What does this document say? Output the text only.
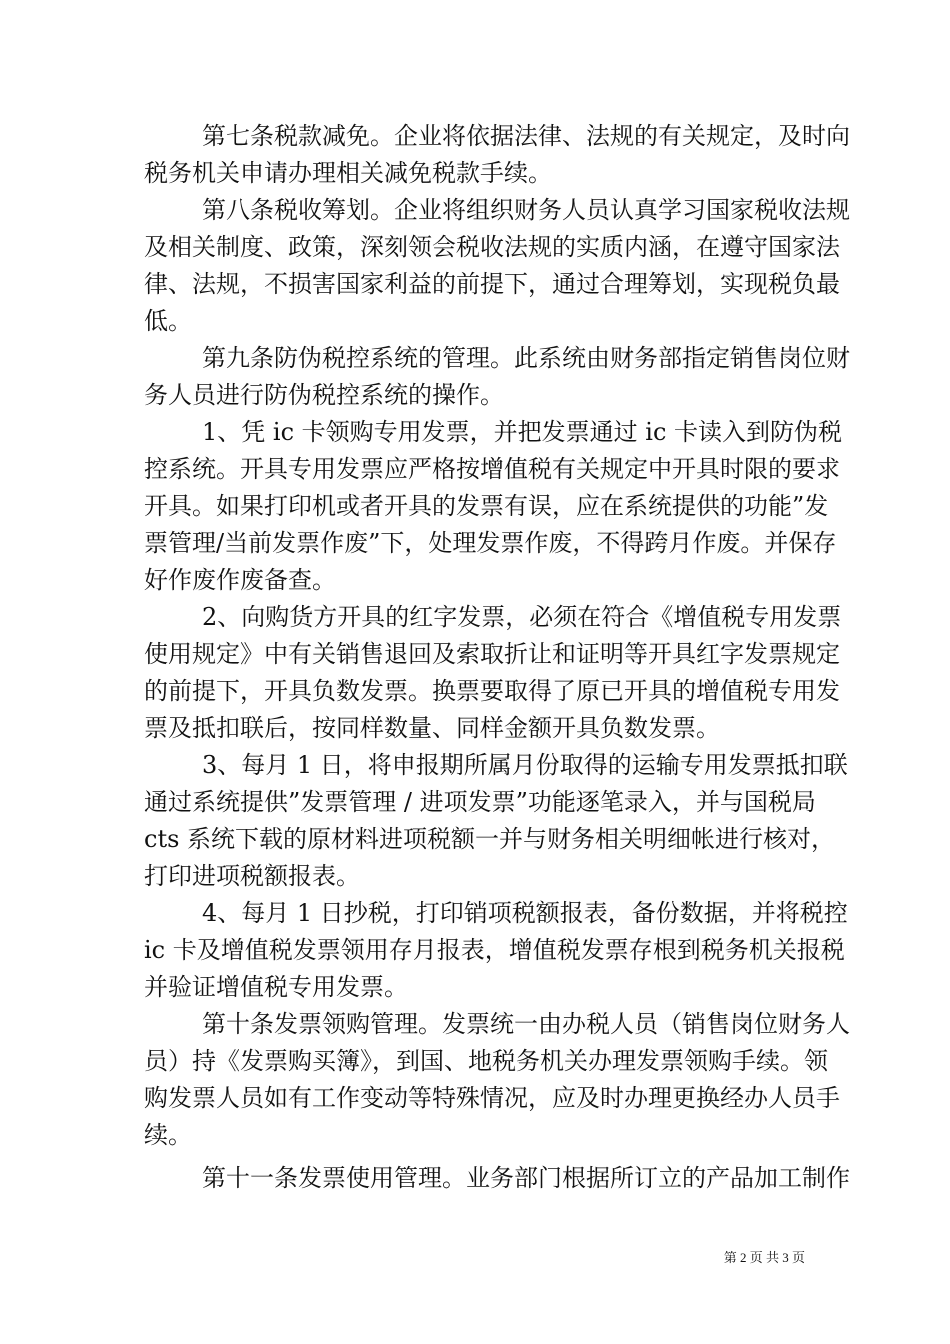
第七条税款减免。企业将依据法律、法规的有关规定，及时向
税务机关申请办理相关减免税款手续。
第八条税收筹划。企业将组织财务人员认真学习国家税收法规
及相关制度、政策，深刻领会税收法规的实质内涵，在遵守国家法
律、法规，不损害国家利益的前提下，通过合理筹划，实现税负最
低。
第九条防伪税控系统的管理。此系统由财务部指定销售岗位财
务人员进行防伪税控系统的操作。
1、凭 ic 卡领购专用发票，并把发票通过 ic 卡读入到防伪税
控系统。开具专用发票应严格按增值税有关规定中开具时限的要求
开具。如果打印机或者开具的发票有误，应在系统提供的功能”发
票管理/当前发票作废”下，处理发票作废，不得跨月作废。并保存
好作废作废备查。
2、向购货方开具的红字发票，必须在符合《增值税专用发票
使用规定》中有关销售退回及索取折让和证明等开具红字发票规定
的前提下，开具负数发票。换票要取得了原已开具的增值税专用发
票及抵扣联后，按同样数量、同样金额开具负数发票。
3、每月 1 日，将申报期所属月份取得的运输专用发票抵扣联
通过系统提供”发票管理 / 进项发票”功能逐笔录入，并与国税局
cts 系统下载的原材料进项税额一并与财务相关明细帐进行核对，
打印进项税额报表。
4、每月 1 日抄税，打印销项税额报表，备份数据，并将税控
ic 卡及增值税发票领用存月报表，增值税发票存根到税务机关报税
并验证增值税专用发票。
第十条发票领购管理。发票统一由办税人员（销售岗位财务人
员）持《发票购买簿》，到国、地税务机关办理发票领购手续。领
购发票人员如有工作变动等特殊情况，应及时办理更换经办人员手
续。
第十一条发票使用管理。业务部门根据所订立的产品加工制作
第 2 页 共 3 页
